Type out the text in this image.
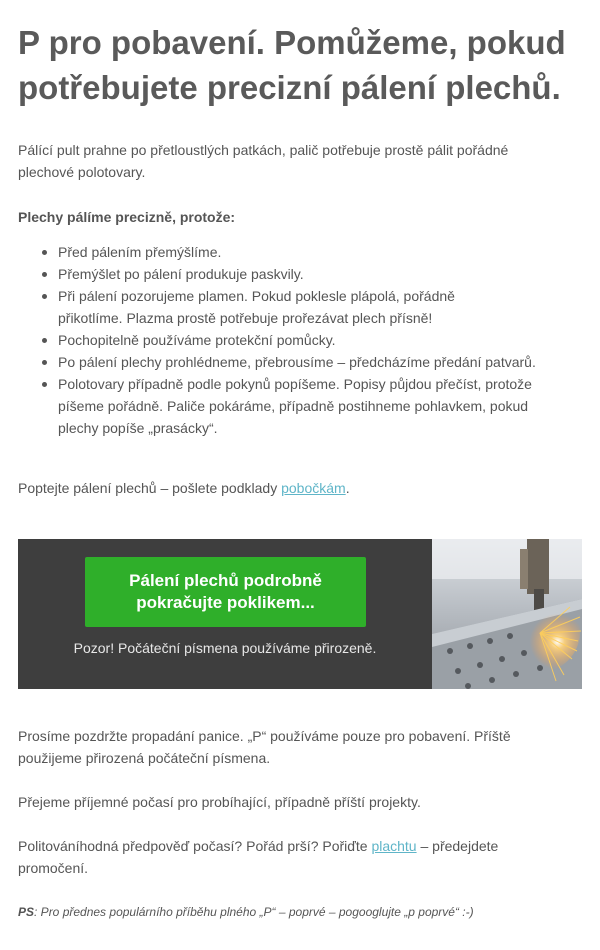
P pro pobavení. Pomůžeme, pokud potřebujete precizní pálení plechů.

Pálící pult prahne po přetloustlých patkách, palič potřebuje prostě pálit pořádné plechové polotovary.

Plechy pálíme precizně, protože:

Před pálením přemýšlíme.
Přemýšlet po pálení produkuje paskvily.
Při pálení pozorujeme plamen. Pokud poklesle plápolá, pořádně přikotlíme. Plazma prostě potřebuje prořezávat plech přísně!
Pochopitelně používáme protekční pomůcky.
Po pálení plechy prohlédneme, přebrousíme – předcházíme předání patvarů.
Polotovary případně podle pokynů popíšeme. Popisy půjdou přečíst, protože píšeme pořádně. Paliče pokáráme, případně postihneme pohlavkem, pokud plechy popíše „prasácky“.

Poptejte pálení plechů – pošlete podklady pobočkám.

Pálení plechů podrobně pokračujte poklikem...
Pozor! Počáteční písmena používáme přirozeně.

Prosíme pozdržte propadání panice. „P“ používáme pouze pro pobavení. Příště použijeme přirozená počáteční písmena.

Přejeme příjemné počasí pro probíhající, případně příští projekty.

Politováníhodná předpověď počasí? Pořád prší? Pořiďte plachtu – předejdete promočení.

PS: Pro přednes populárního příběhu plného „P“ – poprvé – pogooglujte „p poprvé“ :-)
